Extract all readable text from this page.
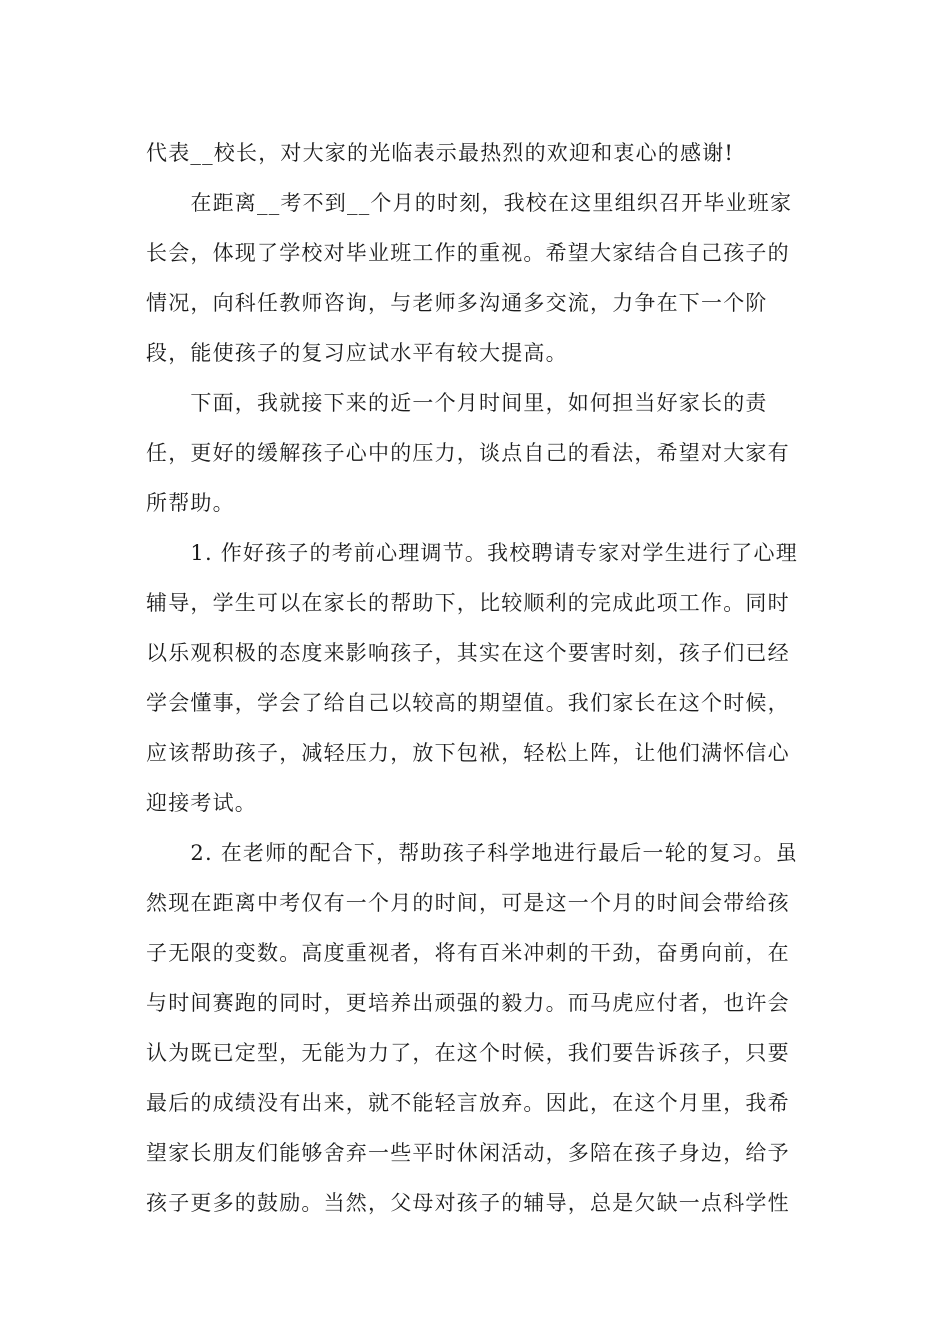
代表__校长，对大家的光临表示最热烈的欢迎和衷心的感谢!
　　在距离__考不到__个月的时刻，我校在这里组织召开毕业班家
长会，体现了学校对毕业班工作的重视。希望大家结合自己孩子的
情况，向科任教师咨询，与老师多沟通多交流，力争在下一个阶
段，能使孩子的复习应试水平有较大提高。
　　下面，我就接下来的近一个月时间里，如何担当好家长的责
任，更好的缓解孩子心中的压力，谈点自己的看法，希望对大家有
所帮助。
　　1. 作好孩子的考前心理调节。我校聘请专家对学生进行了心理
辅导，学生可以在家长的帮助下，比较顺利的完成此项工作。同时
以乐观积极的态度来影响孩子，其实在这个要害时刻，孩子们已经
学会懂事，学会了给自己以较高的期望值。我们家长在这个时候，
应该帮助孩子，减轻压力，放下包袱，轻松上阵，让他们满怀信心
迎接考试。
　　2. 在老师的配合下，帮助孩子科学地进行最后一轮的复习。虽
然现在距离中考仅有一个月的时间，可是这一个月的时间会带给孩
子无限的变数。高度重视者，将有百米冲刺的干劲，奋勇向前，在
与时间赛跑的同时，更培养出顽强的毅力。而马虎应付者，也许会
认为既已定型，无能为力了，在这个时候，我们要告诉孩子，只要
最后的成绩没有出来，就不能轻言放弃。因此，在这个月里，我希
望家长朋友们能够舍弃一些平时休闲活动，多陪在孩子身边，给予
孩子更多的鼓励。当然，父母对孩子的辅导，总是欠缺一点科学性
